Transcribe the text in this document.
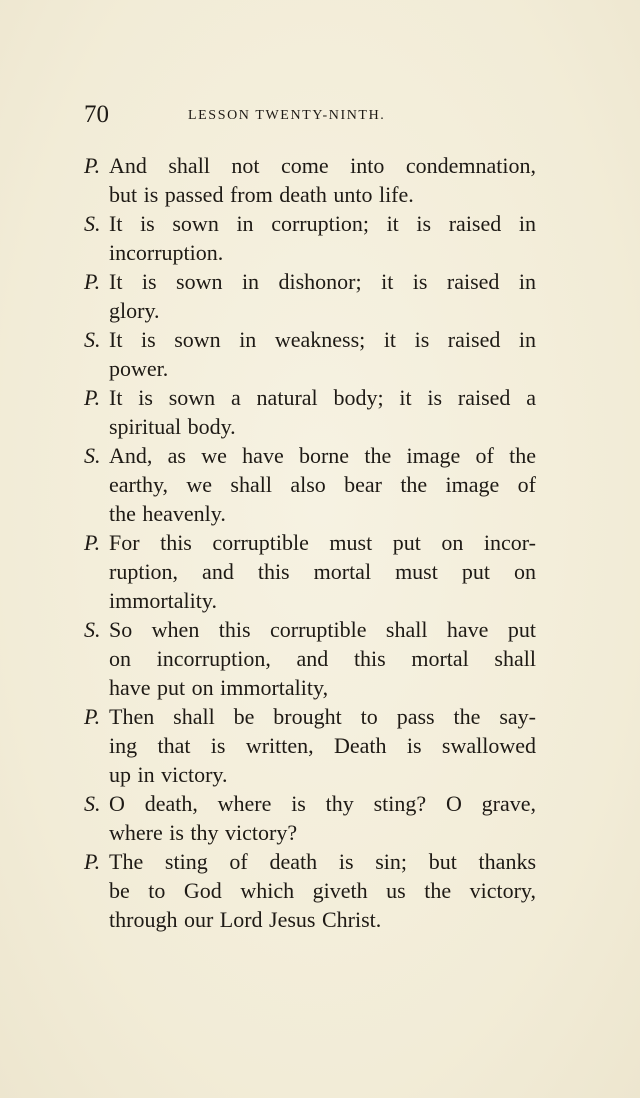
70	LESSON TWENTY-NINTH.
P. And shall not come into condemnation,
but is passed from death unto life.
S. It is sown in corruption; it is raised in
incorruption.
P. It is sown in dishonor; it is raised in
glory.
S. It is sown in weakness; it is raised in
power.
P. It is sown a natural body; it is raised a
spiritual body.
S. And, as we have borne the image of the
earthy, we shall also bear the image of
the heavenly.
P. For this corruptible must put on incor-
ruption, and this mortal must put on
immortality.
S. So when this corruptible shall have put
on incorruption, and this mortal shall
have put on immortality,
P. Then shall be brought to pass the say-
ing that is written, Death is swallowed
up in victory.
S. O death, where is thy sting? O grave,
where is thy victory?
P. The sting of death is sin; but thanks
be to God which giveth us the victory,
through our Lord Jesus Christ.
